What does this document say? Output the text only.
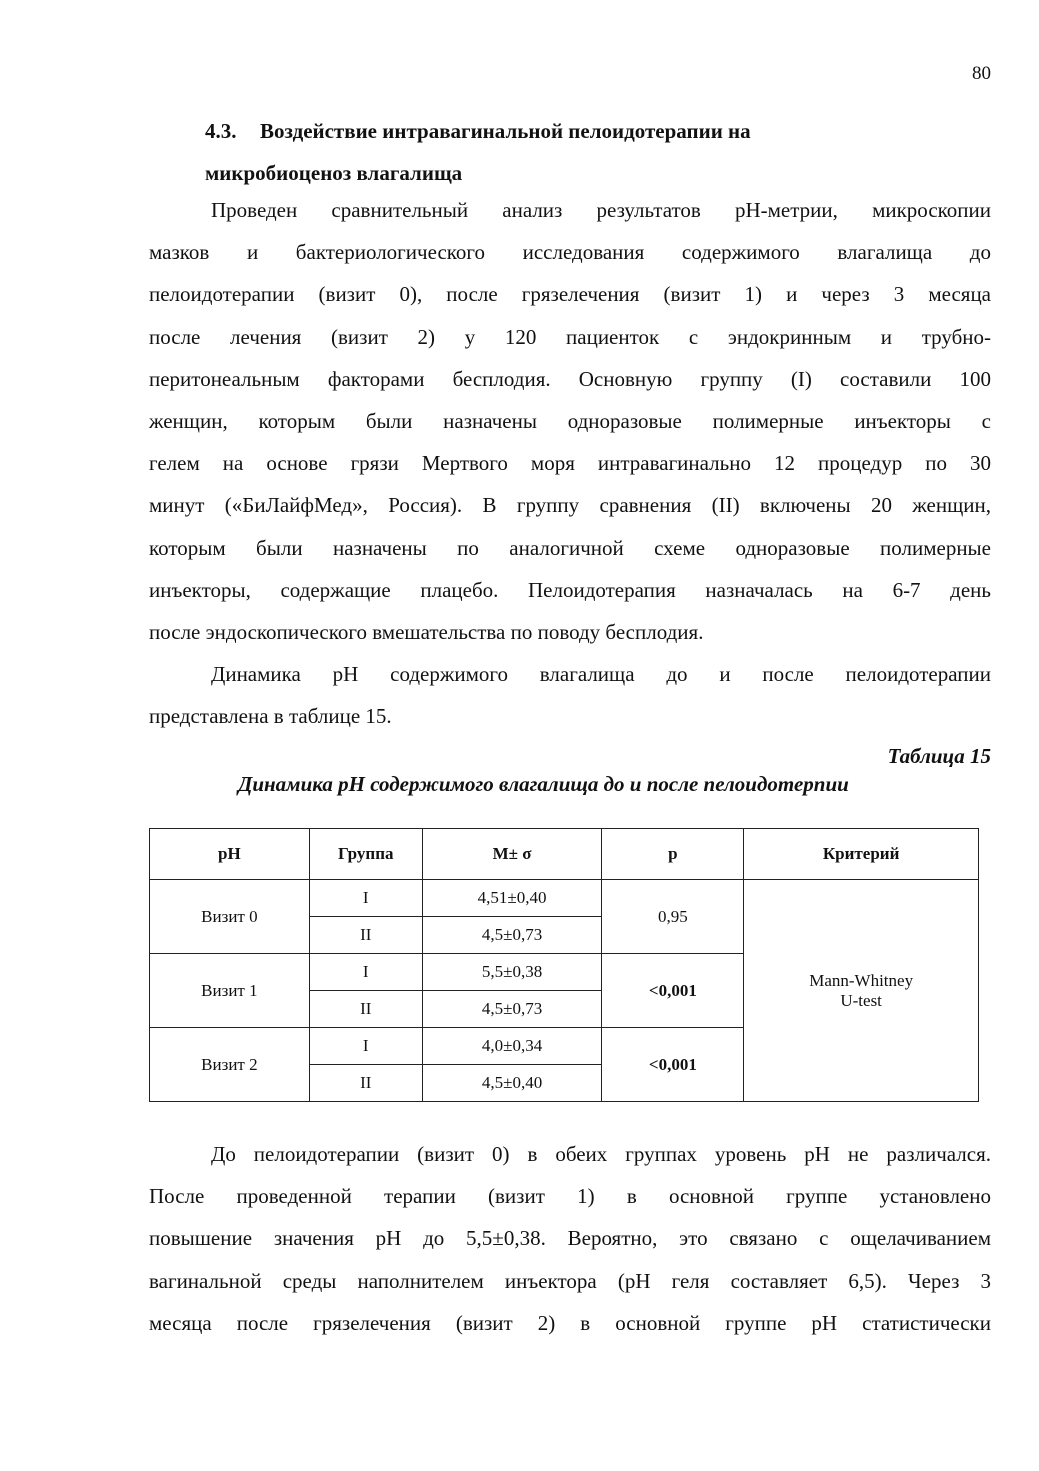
80
4.3. Воздействие интравагинальной пелоидотерапии на
микробиоценоз влагалища
Проведен сравнительный анализ результатов pH-метрии, микроскопии
мазков и бактериологического исследования содержимого влагалища до
пелоидотерапии (визит 0), после грязелечения (визит 1) и через 3 месяца
после лечения (визит 2) у 120 пациенток с эндокринным и трубно-
перитонеальным факторами бесплодия. Основную группу (I) составили 100
женщин, которым были назначены одноразовые полимерные инъекторы с
гелем на основе грязи Мертвого моря интравагинально 12 процедур по 30
минут («БиЛайфМед», Россия). В группу сравнения (II) включены 20 женщин,
которым были назначены по аналогичной схеме одноразовые полимерные
инъекторы, содержащие плацебо. Пелоидотерапия назначалась на 6-7 день
после эндоскопического вмешательства по поводу бесплодия.
Динамика pH содержимого влагалища до и после пелоидотерапии
представлена в таблице 15.
Таблица 15
Динамика pH содержимого влагалища до и после пелоидотерпии
pH	Группа	M± σ	p	Критерий
Визит 0	I	4,51±0,40	0,95	Mann-Whitney
U-test
	II	4,5±0,73		
Визит 1	I	5,5±0,38	<0,001	
	II	4,5±0,73		
Визит 2	I	4,0±0,34	<0,001	
	II	4,5±0,40		
До пелоидотерапии (визит 0) в обеих группах уровень pH не различался.
После проведенной терапии (визит 1) в основной группе установлено
повышение значения pH до 5,5±0,38. Вероятно, это связано с ощелачиванием
вагинальной среды наполнителем инъектора (pH геля составляет 6,5). Через 3
месяца после грязелечения (визит 2) в основной группе pH статистически
